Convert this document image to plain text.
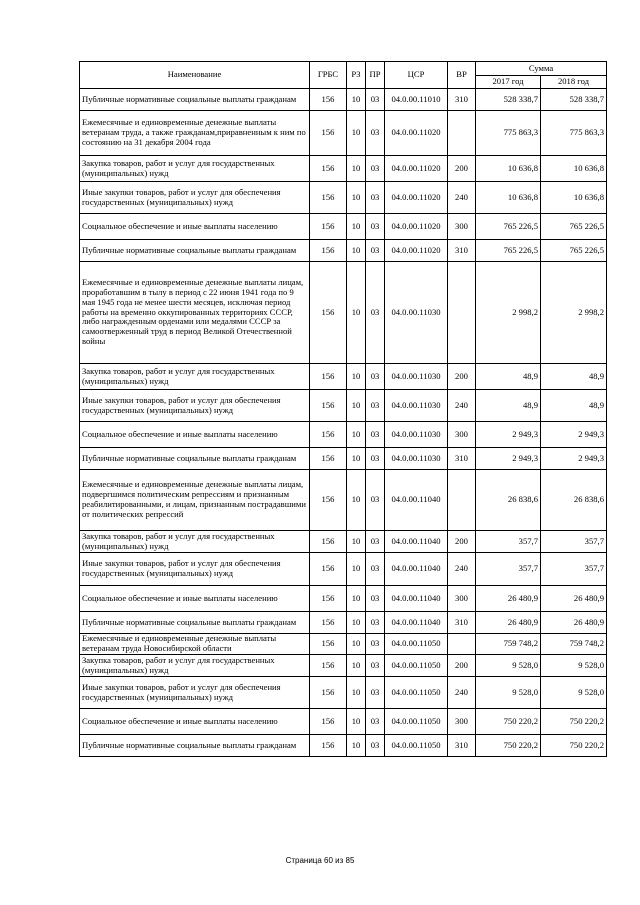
Наименование	ГРБС	РЗ	ПР	ЦСР	ВР	Сумма	
						2017 год	2018 год
Публичные нормативные социальные выплаты гражданам	156	10	03	04.0.00.11010	310	528 338,7	528 338,7
Ежемесячные и единовременные денежные выплаты ветеранам труда, а также гражданам,приравненным к ним по состоянию на 31 декабря 2004 года	156	10	03	04.0.00.11020		775 863,3	775 863,3
Закупка товаров, работ и услуг для государственных (муниципальных) нужд	156	10	03	04.0.00.11020	200	10 636,8	10 636,8
Иные закупки товаров, работ и услуг для обеспечения государственных (муниципальных) нужд	156	10	03	04.0.00.11020	240	10 636,8	10 636,8
Социальное обеспечение и иные выплаты населению	156	10	03	04.0.00.11020	300	765 226,5	765 226,5
Публичные нормативные социальные выплаты гражданам	156	10	03	04.0.00.11020	310	765 226,5	765 226,5
Ежемесячные и единовременные денежные выплаты лицам, проработавшим в тылу в период с 22 июня 1941 года по 9 мая 1945 года не менее шести месяцев, исключая период работы на временно оккупированных территориях СССР, либо награжденным орденами или медалями СССР за самоотверженный труд в период Великой Отечественной войны	156	10	03	04.0.00.11030		2 998,2	2 998,2
Закупка товаров, работ и услуг для государственных (муниципальных) нужд	156	10	03	04.0.00.11030	200	48,9	48,9
Иные закупки товаров, работ и услуг для обеспечения государственных (муниципальных) нужд	156	10	03	04.0.00.11030	240	48,9	48,9
Социальное обеспечение и иные выплаты населению	156	10	03	04.0.00.11030	300	2 949,3	2 949,3
Публичные нормативные социальные выплаты гражданам	156	10	03	04.0.00.11030	310	2 949,3	2 949,3
Ежемесячные и единовременные денежные выплаты лицам, подвергшимся политическим репрессиям и признанным реабилитированными, и лицам, признанным пострадавшими от политических репрессий	156	10	03	04.0.00.11040		26 838,6	26 838,6
Закупка товаров, работ и услуг для государственных (муниципальных) нужд	156	10	03	04.0.00.11040	200	357,7	357,7
Иные закупки товаров, работ и услуг для обеспечения государственных (муниципальных) нужд	156	10	03	04.0.00.11040	240	357,7	357,7
Социальное обеспечение и иные выплаты населению	156	10	03	04.0.00.11040	300	26 480,9	26 480,9
Публичные нормативные социальные выплаты гражданам	156	10	03	04.0.00.11040	310	26 480,9	26 480,9
Ежемесячные и единовременные денежные выплаты ветеранам труда Новосибирской области	156	10	03	04.0.00.11050		759 748,2	759 748,2
Закупка товаров, работ и услуг для государственных (муниципальных) нужд	156	10	03	04.0.00.11050	200	9 528,0	9 528,0
Иные закупки товаров, работ и услуг для обеспечения государственных (муниципальных) нужд	156	10	03	04.0.00.11050	240	9 528,0	9 528,0
Социальное обеспечение и иные выплаты населению	156	10	03	04.0.00.11050	300	750 220,2	750 220,2
Публичные нормативные социальные выплаты гражданам	156	10	03	04.0.00.11050	310	750 220,2	750 220,2
Страница 60 из 85
